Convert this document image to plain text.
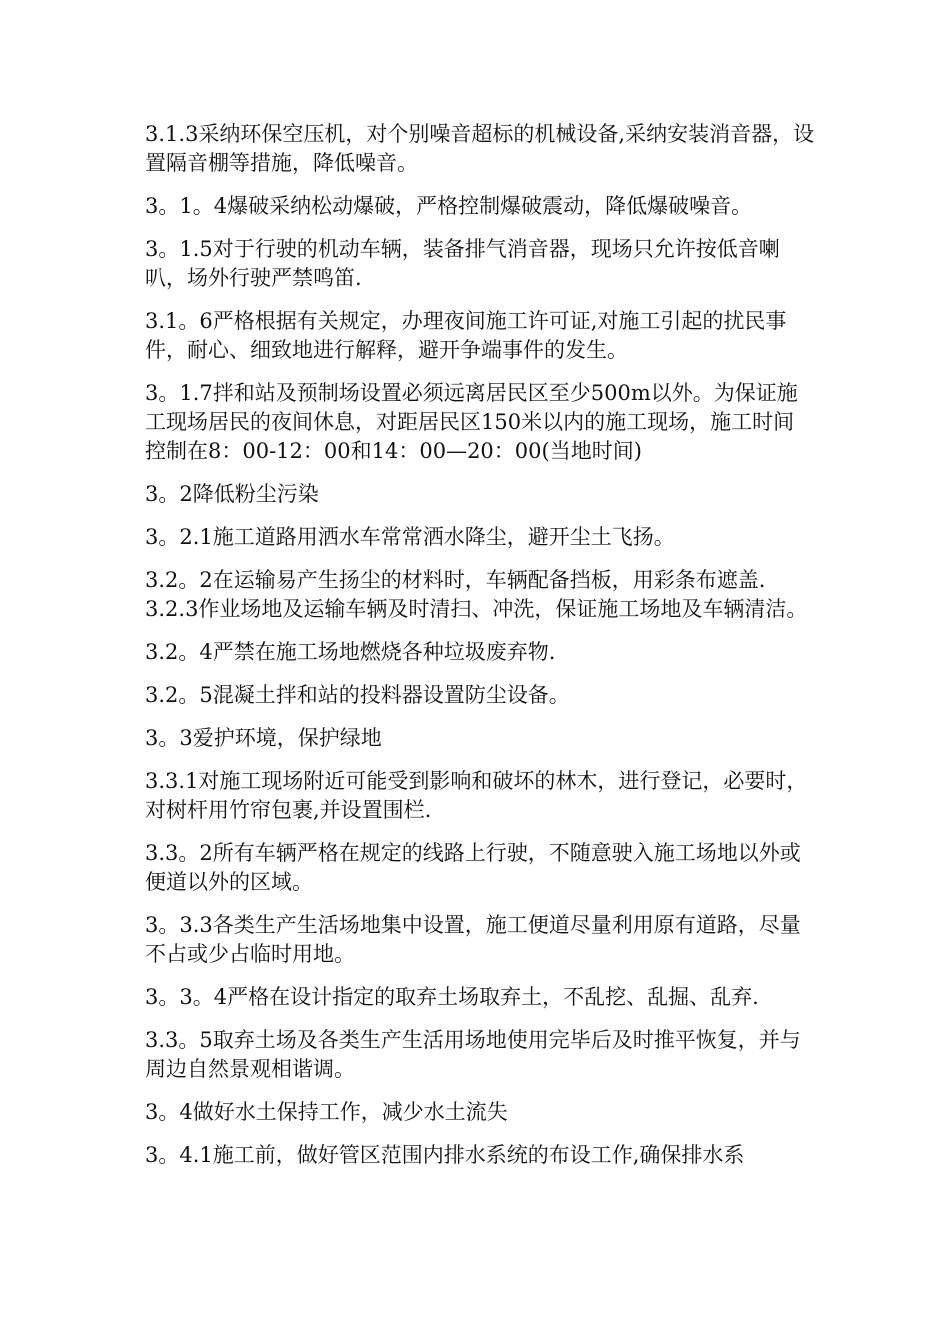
3.1.3采纳环保空压机，对个别噪音超标的机械设备,采纳安装消音器，设置隔音棚等措施，降低噪音。

3。1。4爆破采纳松动爆破，严格控制爆破震动，降低爆破噪音。

3。1.5对于行驶的机动车辆，装备排气消音器，现场只允许按低音喇叭，场外行驶严禁鸣笛.

3.1。6严格根据有关规定，办理夜间施工许可证,对施工引起的扰民事件，耐心、细致地进行解释，避开争端事件的发生。

3。1.7拌和站及预制场设置必须远离居民区至少500m以外。为保证施工现场居民的夜间休息，对距居民区150米以内的施工现场，施工时间控制在8：00-12：00和14：00—20：00(当地时间)

3。2降低粉尘污染

3。2.1施工道路用洒水车常常洒水降尘，避开尘土飞扬。

3.2。2在运输易产生扬尘的材料时，车辆配备挡板，用彩条布遮盖.

3.2.3作业场地及运输车辆及时清扫、冲洗，保证施工场地及车辆清洁。

3.2。4严禁在施工场地燃烧各种垃圾废弃物.

3.2。5混凝土拌和站的投料器设置防尘设备。

3。3爱护环境，保护绿地

3.3.1对施工现场附近可能受到影响和破坏的林木，进行登记，必要时，对树杆用竹帘包裹,并设置围栏.

3.3。2所有车辆严格在规定的线路上行驶，不随意驶入施工场地以外或便道以外的区域。

3。3.3各类生产生活场地集中设置，施工便道尽量利用原有道路，尽量不占或少占临时用地。

3。3。4严格在设计指定的取弃土场取弃土，不乱挖、乱掘、乱弃.

3.3。5取弃土场及各类生产生活用场地使用完毕后及时推平恢复，并与周边自然景观相谐调。

3。4做好水土保持工作，减少水土流失

3。4.1施工前，做好管区范围内排水系统的布设工作,确保排水系
